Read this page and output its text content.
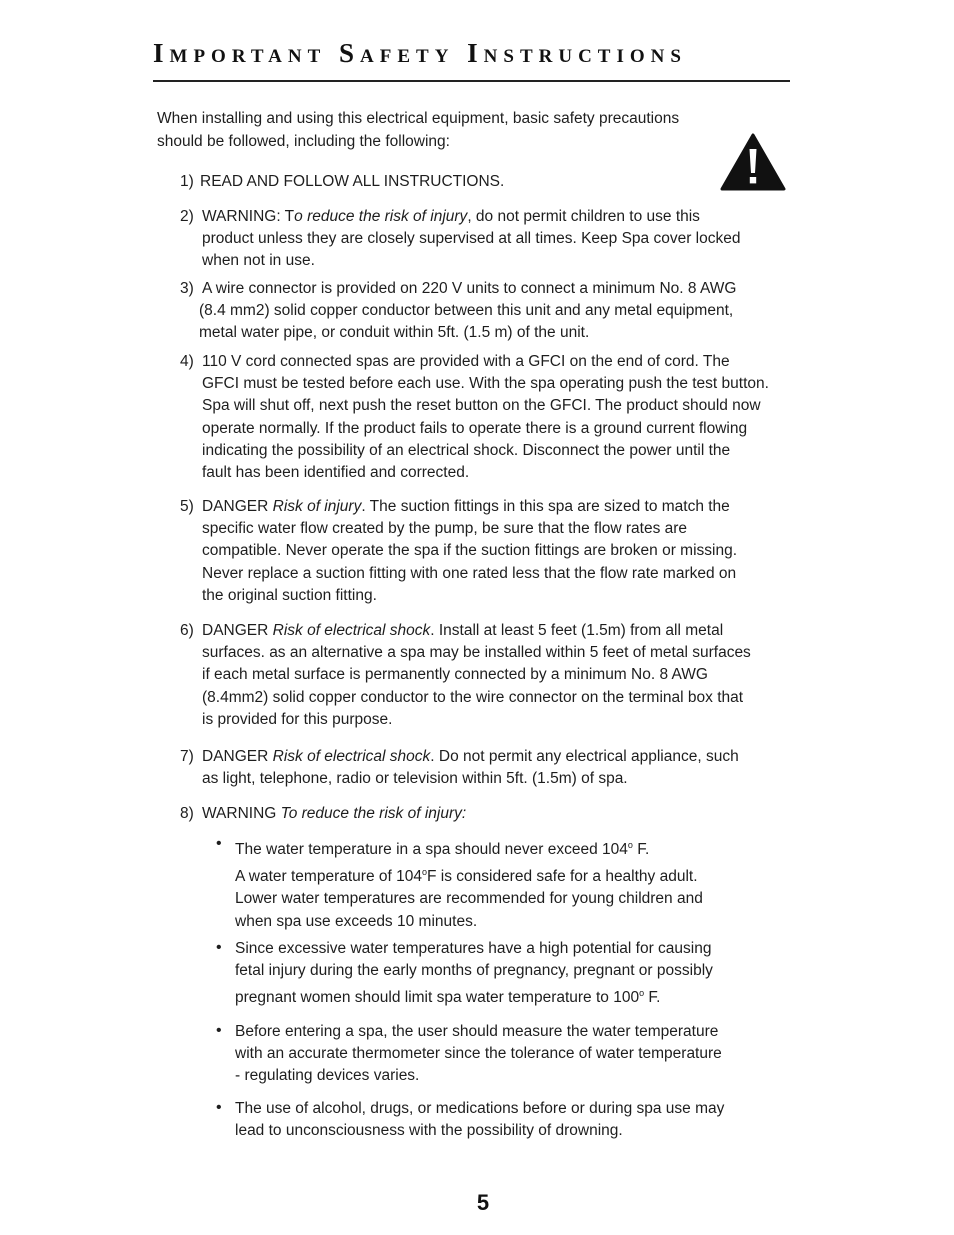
Important Safety Instructions
When installing and using this electrical equipment, basic safety precautions
should be followed, including the following:
1) READ AND FOLLOW ALL INSTRUCTIONS.
2) WARNING: To reduce the risk of injury, do not permit children to use this
product unless they are closely supervised at all times. Keep Spa cover locked
when not in use.
3) A wire connector is provided on 220 V units to connect a minimum No. 8 AWG
(8.4 mm2) solid copper conductor between this unit and any metal equipment,
metal water pipe, or conduit within 5ft. (1.5 m) of the unit.
4) 110 V cord connected spas are provided with a GFCI on the end of cord. The
GFCI must be tested before each use. With the spa operating push the test button.
Spa will shut off, next push the reset button on the GFCI. The product should now
operate normally. If the product fails to operate there is a ground current flowing
indicating the possibility of an electrical shock. Disconnect the power until the
fault has been identified and corrected.
5) DANGER Risk of injury. The suction fittings in this spa are sized to match the
specific water flow created by the pump, be sure that the flow rates are
compatible. Never operate the spa if the suction fittings are broken or missing.
Never replace a suction fitting with one rated less that the flow rate marked on
the original suction fitting.
6) DANGER Risk of electrical shock. Install at least 5 feet (1.5m) from all metal
surfaces. as an alternative a spa may be installed within 5 feet of metal surfaces
if each metal surface is permanently connected by a minimum No. 8 AWG
(8.4mm2) solid copper conductor to the wire connector on the terminal box that
is provided for this purpose.
7) DANGER Risk of electrical shock. Do not permit any electrical appliance, such
as light, telephone, radio or television within 5ft. (1.5m) of spa.
8) WARNING To reduce the risk of injury:
• The water temperature in a spa should never exceed 104$^o$ F.
A water temperature of 104$^o$F is considered safe for a healthy adult.
Lower water temperatures are recommended for young children and
when spa use exceeds 10 minutes.
• Since excessive water temperatures have a high potential for causing
fetal injury during the early months of pregnancy, pregnant or possibly
pregnant women should limit spa water temperature to 100$^o$ F.
• Before entering a spa, the user should measure the water temperature
with an accurate thermometer since the tolerance of water temperature
- regulating devices varies.
• The use of alcohol, drugs, or medications before or during spa use may
lead to unconsciousness with the possibility of drowning.
5
